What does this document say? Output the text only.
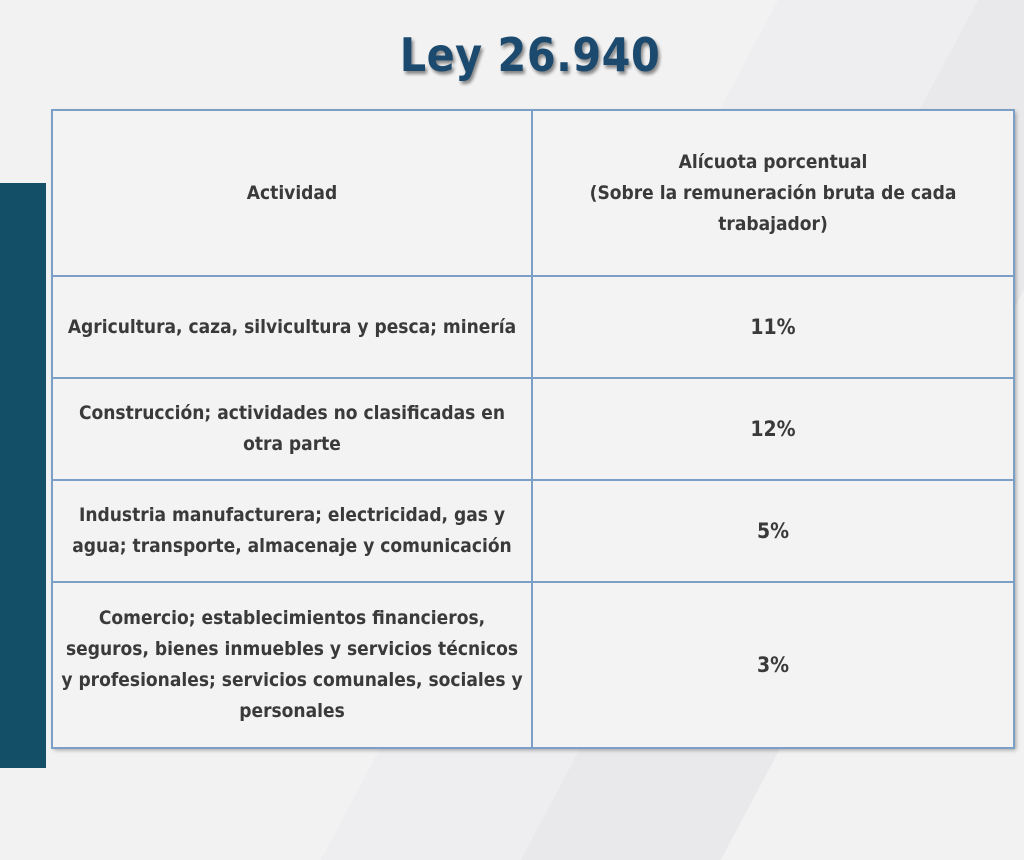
Ley 26.940
Actividad	Alícuota porcentual
(Sobre la remuneración bruta de cada trabajador)

Agricultura, caza, silvicultura y pesca; minería	11%
Construcción; actividades no clasificadas en otra parte	12%
Industria manufacturera; electricidad, gas y agua; transporte, almacenaje y comunicación	5%
Comercio; establecimientos financieros, seguros, bienes inmuebles y servicios técnicos y profesionales; servicios comunales, sociales y personales	3%
